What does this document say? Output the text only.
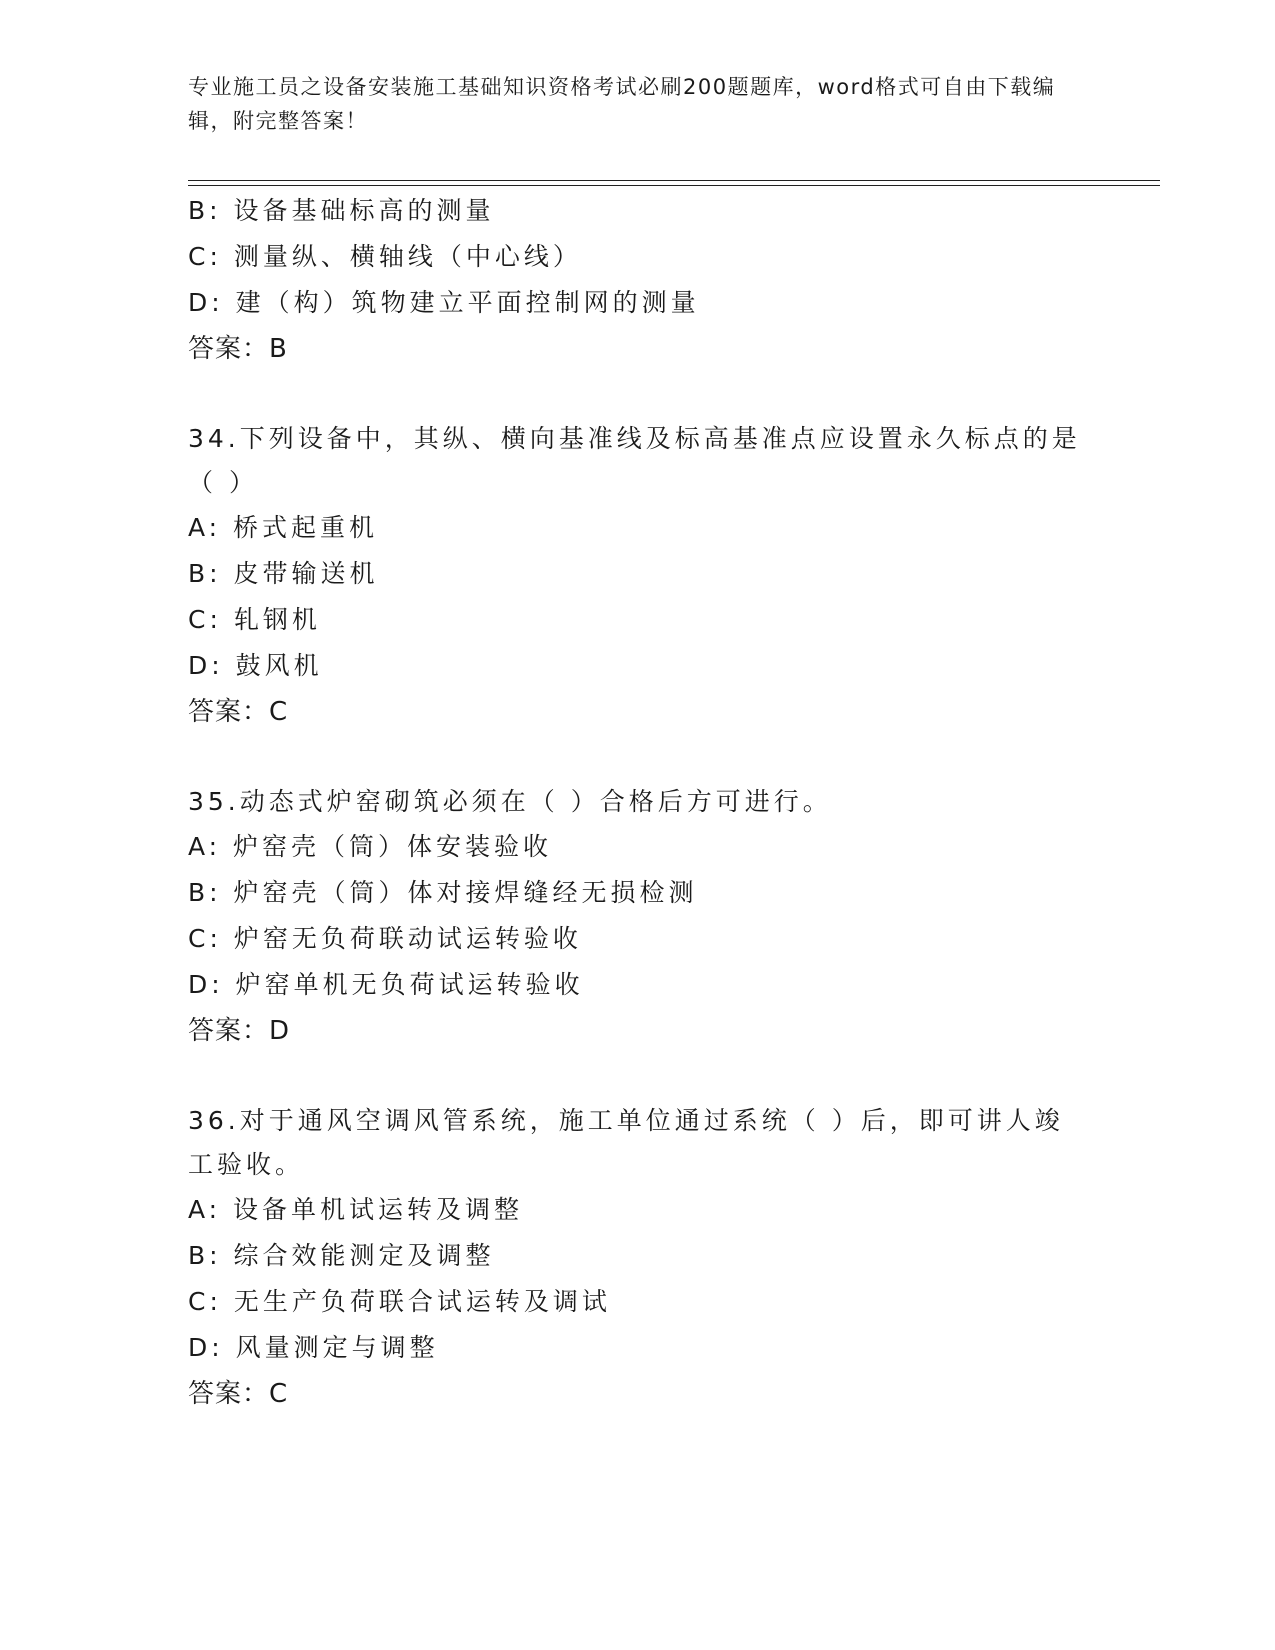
专业施工员之设备安装施工基础知识资格考试必刷200题题库，word格式可自由下载编辑，附完整答案！
B: 设备基础标高的测量
C: 测量纵、横轴线（中心线）
D: 建（构）筑物建立平面控制网的测量
答案：B
34.下列设备中，其纵、横向基准线及标高基准点应设置永久标点的是（ ）
A: 桥式起重机
B: 皮带输送机
C: 轧钢机
D: 鼓风机
答案：C
35.动态式炉窑砌筑必须在（ ）合格后方可进行。
A: 炉窑壳（筒）体安装验收
B: 炉窑壳（筒）体对接焊缝经无损检测
C: 炉窑无负荷联动试运转验收
D: 炉窑单机无负荷试运转验收
答案：D
36.对于通风空调风管系统，施工单位通过系统（ ）后，即可讲人竣工验收。
A: 设备单机试运转及调整
B: 综合效能测定及调整
C: 无生产负荷联合试运转及调试
D: 风量测定与调整
答案：C
